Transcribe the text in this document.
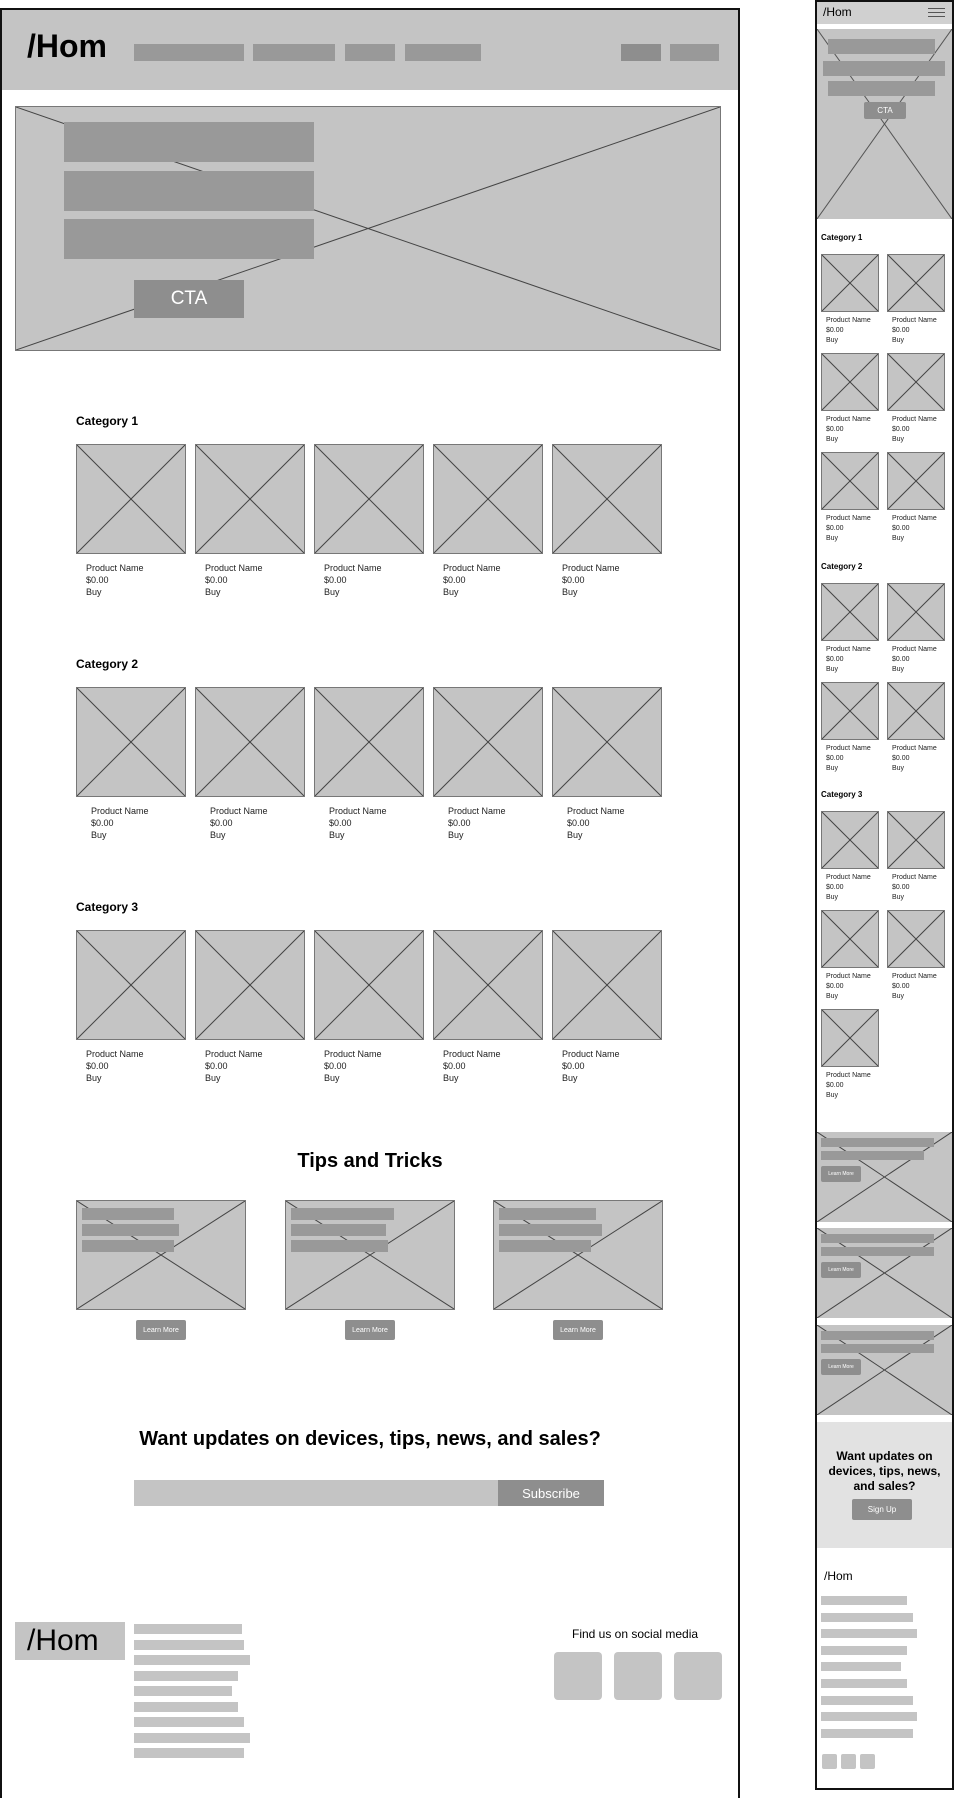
/Hom
CTA
Category 1
Product Name
$0.00
Buy
Product Name
$0.00
Buy
Product Name
$0.00
Buy
Product Name
$0.00
Buy
Product Name
$0.00
Buy
Category 2
Product Name
$0.00
Buy
Product Name
$0.00
Buy
Product Name
$0.00
Buy
Product Name
$0.00
Buy
Product Name
$0.00
Buy
Category 3
Product Name
$0.00
Buy
Product Name
$0.00
Buy
Product Name
$0.00
Buy
Product Name
$0.00
Buy
Product Name
$0.00
Buy
Tips and Tricks
Learn More	Learn More	Learn More
Want updates on devices, tips, news, and sales?
Subscribe
/Hom	Find us on social media
/Hom
CTA
Category 1
Product Name
$0.00
Buy
Product Name
$0.00
Buy
Product Name
$0.00
Buy
Product Name
$0.00
Buy
Product Name
$0.00
Buy
Product Name
$0.00
Buy
Category 2
Product Name
$0.00
Buy
Product Name
$0.00
Buy
Product Name
$0.00
Buy
Product Name
$0.00
Buy
Category 3
Product Name
$0.00
Buy
Product Name
$0.00
Buy
Product Name
$0.00
Buy
Product Name
$0.00
Buy
Product Name
$0.00
Buy
Learn More
Learn More
Learn More
Want updates on devices, tips, news, and sales?
Sign Up
/Hom
